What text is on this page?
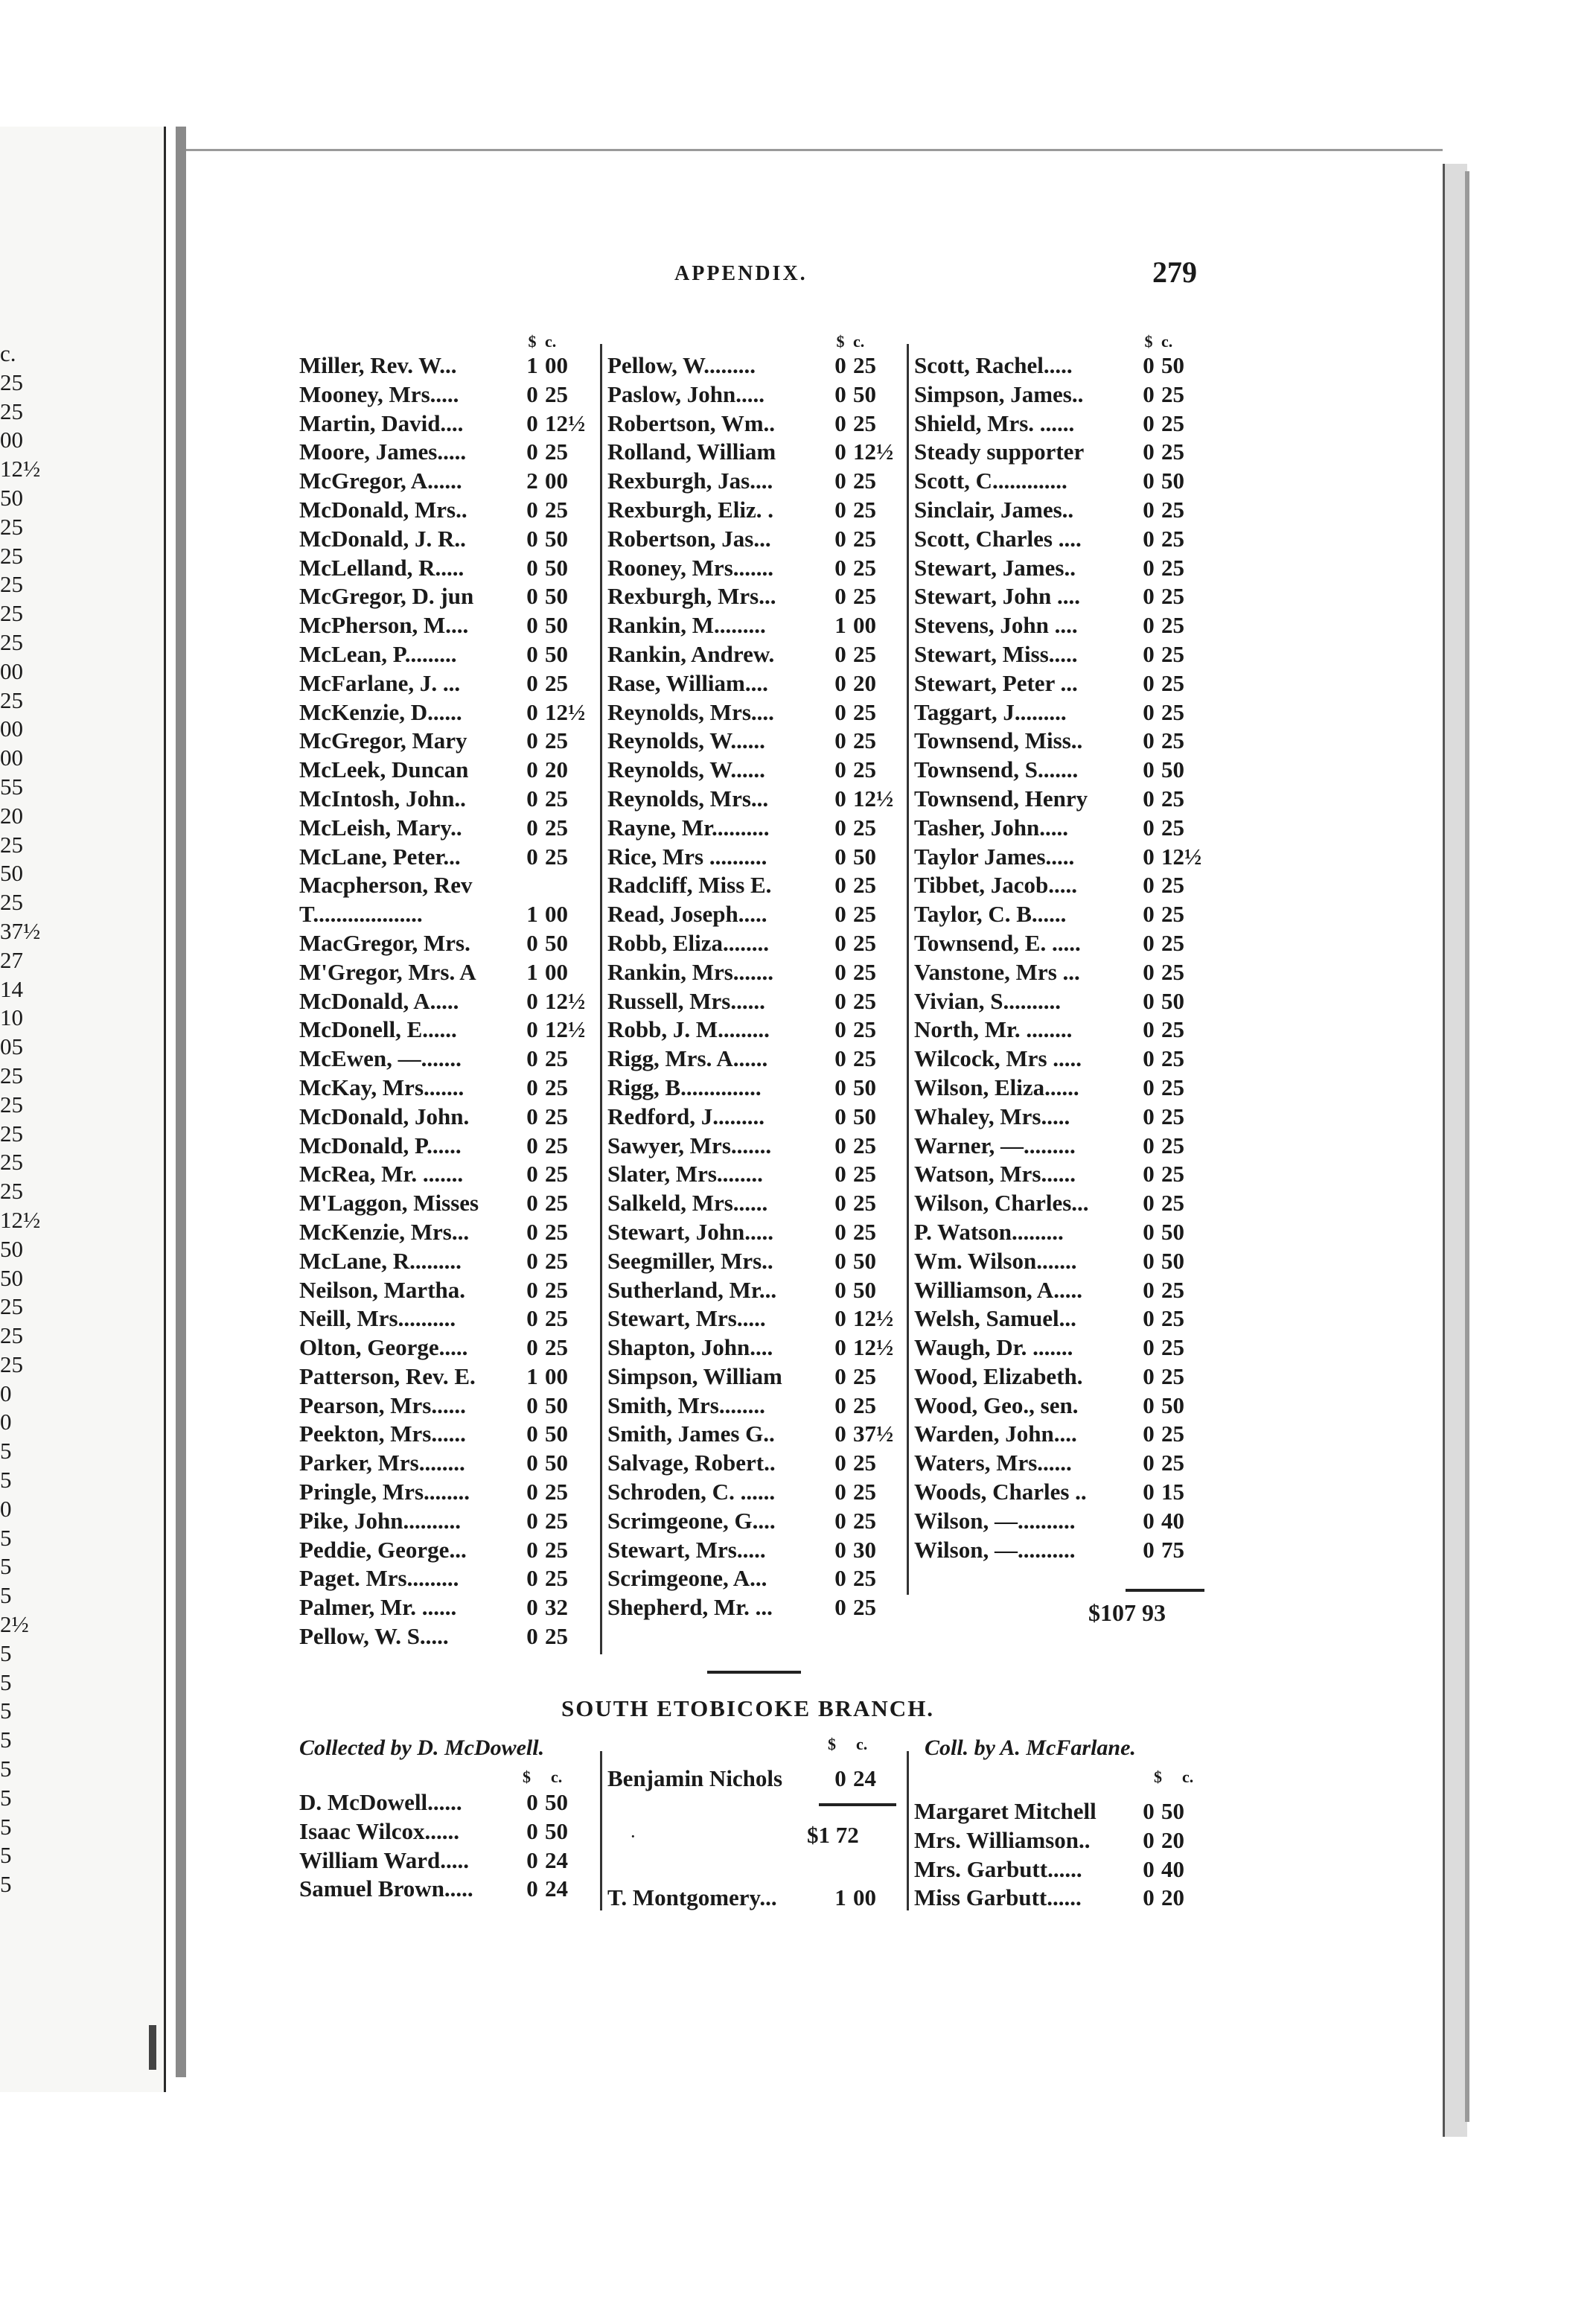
c.
25
25
00
12½
50
25
25
25
25
25
00
25
00
00
55
20
25
50
25
37½
27
14
10
05
25
25
25
25
25
12½
50
50
25
25
25
0
0
5
5
0
5
5
5
2½
5
5
5
5
5
5
5
5
5
APPENDIX.	279
$ c.
Miller, Rev. W...	1 00
Mooney, Mrs.....	0 25
Martin, David....	0 12½
Moore, James.....	0 25
McGregor, A......	2 00
McDonald, Mrs..	0 25
McDonald, J. R..	0 50
McLelland, R.....	0 50
McGregor, D. jun	0 50
McPherson, M....	0 50
McLean, P.........	0 50
McFarlane, J. ...	0 25
McKenzie, D......	0 12½
McGregor, Mary	0 25
McLeek, Duncan	0 20
McIntosh, John..	0 25
McLeish, Mary..	0 25
McLane, Peter...	0 25
Macpherson, Rev
T...................	1 00
MacGregor, Mrs.	0 50
M'Gregor, Mrs. A	1 00
McDonald, A.....	0 12½
McDonell, E......	0 12½
McEwen, —.......	0 25
McKay, Mrs.......	0 25
McDonald, John.	0 25
McDonald, P......	0 25
McRea, Mr. .......	0 25
M'Laggon, Misses	0 25
McKenzie, Mrs...	0 25
McLane, R.........	0 25
Neilson, Martha.	0 25
Neill, Mrs..........	0 25
Olton, George.....	0 25
Patterson, Rev. E.	1 00
Pearson, Mrs......	0 50
Peekton, Mrs......	0 50
Parker, Mrs........	0 50
Pringle, Mrs........	0 25
Pike, John..........	0 25
Peddie, George...	0 25
Paget. Mrs.........	0 25
Palmer, Mr. ......	0 32
Pellow, W. S.....	0 25
$ c.
Pellow, W.........	0 25
Paslow, John.....	0 50
Robertson, Wm..	0 25
Rolland, William	0 12½
Rexburgh, Jas....	0 25
Rexburgh, Eliz. .	0 25
Robertson, Jas...	0 25
Rooney, Mrs.......	0 25
Rexburgh, Mrs...	0 25
Rankin, M.........	1 00
Rankin, Andrew.	0 25
Rase, William....	0 20
Reynolds, Mrs....	0 25
Reynolds, W......	0 25
Reynolds, W......	0 25
Reynolds, Mrs...	0 12½
Rayne, Mr..........	0 25
Rice, Mrs ..........	0 50
Radcliff, Miss E.	0 25
Read, Joseph.....	0 25
Robb, Eliza........	0 25
Rankin, Mrs.......	0 25
Russell, Mrs......	0 25
Robb, J. M.........	0 25
Rigg, Mrs. A......	0 25
Rigg, B..............	0 50
Redford, J.........	0 50
Sawyer, Mrs.......	0 25
Slater, Mrs........	0 25
Salkeld, Mrs......	0 25
Stewart, John.....	0 25
Seegmiller, Mrs..	0 50
Sutherland, Mr...	0 50
Stewart, Mrs.....	0 12½
Shapton, John....	0 12½
Simpson, William	0 25
Smith, Mrs........	0 25
Smith, James G..	0 37½
Salvage, Robert..	0 25
Schroden, C. ......	0 25
Scrimgeone, G....	0 25
Stewart, Mrs.....	0 30
Scrimgeone, A...	0 25
Shepherd, Mr. ...	0 25
$ c.
Scott, Rachel.....	0 50
Simpson, James..	0 25
Shield, Mrs. ......	0 25
Steady supporter	0 25
Scott, C.............	0 50
Sinclair, James..	0 25
Scott, Charles ....	0 25
Stewart, James..	0 25
Stewart, John ....	0 25
Stevens, John ....	0 25
Stewart, Miss.....	0 25
Stewart, Peter ...	0 25
Taggart, J.........	0 25
Townsend, Miss..	0 25
Townsend, S.......	0 50
Townsend, Henry	0 25
Tasher, John.....	0 25
Taylor James.....	0 12½
Tibbet, Jacob.....	0 25
Taylor, C. B......	0 25
Townsend, E. .....	0 25
Vanstone, Mrs ...	0 25
Vivian, S..........	0 50
North, Mr. ........	0 25
Wilcock, Mrs .....	0 25
Wilson, Eliza......	0 25
Whaley, Mrs.....	0 25
Warner, —.........	0 25
Watson, Mrs......	0 25
Wilson, Charles...	0 25
P. Watson.........	0 50
Wm. Wilson.......	0 50
Williamson, A.....	0 25
Welsh, Samuel...	0 25
Waugh, Dr. .......	0 25
Wood, Elizabeth.	0 25
Wood, Geo., sen.	0 50
Warden, John....	0 25
Waters, Mrs......	0 25
Woods, Charles ..	0 15
Wilson, —..........	0 40
Wilson, —..........	0 75
$107 93
SOUTH ETOBICOKE BRANCH.
Collected by D. McDowell.	Coll. by A. McFarlane.
$ c.
$ c.
$ c.
D. McDowell......	0 50
Isaac Wilcox......	0 50
William Ward.....	0 24
Samuel Brown.....	0 24
Benjamin Nichols	0 24
$1 72
·
T. Montgomery...	1 00
Margaret Mitchell	0 50
Mrs. Williamson..	0 20
Mrs. Garbutt......	0 40
Miss Garbutt......	0 20
